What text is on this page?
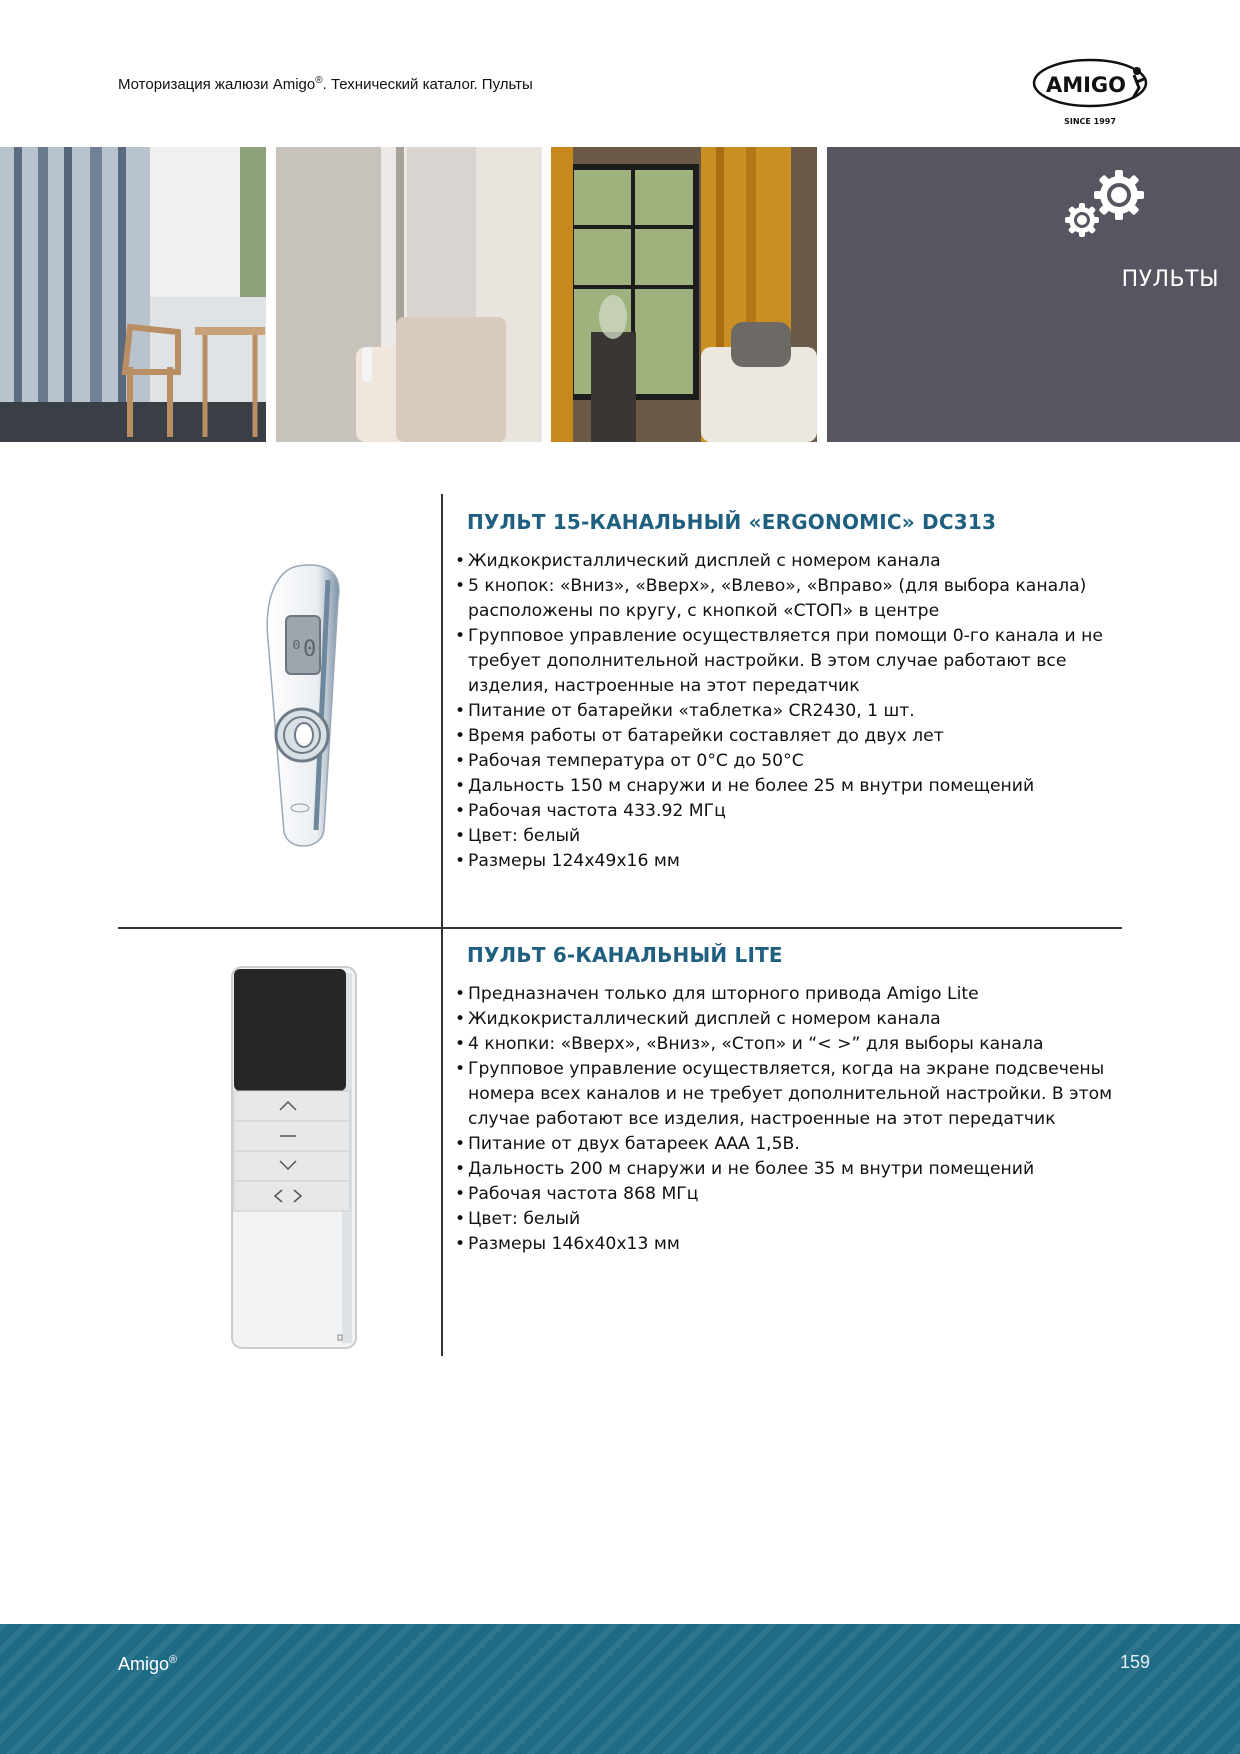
Моторизация жалюзи Amigo®. Технический каталог. Пульты	AMIGO
SINCE 1997
ПУЛЬТЫ
⁰0
ПУЛЬТ 15-КАНАЛЬНЫЙ «ERGONOMIC» DC313
• Жидкокристаллический дисплей с номером канала
• 5 кнопок: «Вниз», «Вверх», «Влево», «Вправо» (для выбора канала) расположены по кругу, с кнопкой «СТОП» в центре
• Групповое управление осуществляется при помощи 0-го канала и не требует дополнительной настройки. В этом случае работают все изделия, настроенные на этот передатчик
• Питание от батарейки «таблетка» CR2430, 1 шт.
• Время работы от батарейки составляет до двух лет
• Рабочая температура от 0°С до 50°С
• Дальность 150 м снаружи и не более 25 м внутри помещений
• Рабочая частота 433.92 МГц
• Цвет: белый
• Размеры 124х49х16 мм
ПУЛЬТ 6-КАНАЛЬНЫЙ LITE
• Предназначен только для шторного привода Amigo Lite
• Жидкокристаллический дисплей с номером канала
• 4 кнопки: «Вверх», «Вниз», «Стоп» и “< >” для выборы канала
• Групповое управление осуществляется, когда на экране подсвечены номера всех каналов и не требует дополнительной настройки. В этом случае работают все изделия, настроенные на этот передатчик
• Питание от двух батареек ААА 1,5В.
• Дальность 200 м снаружи и не более 35 м внутри помещений
• Рабочая частота 868 МГц
• Цвет: белый
• Размеры 146х40х13 мм
Amigo®	159
